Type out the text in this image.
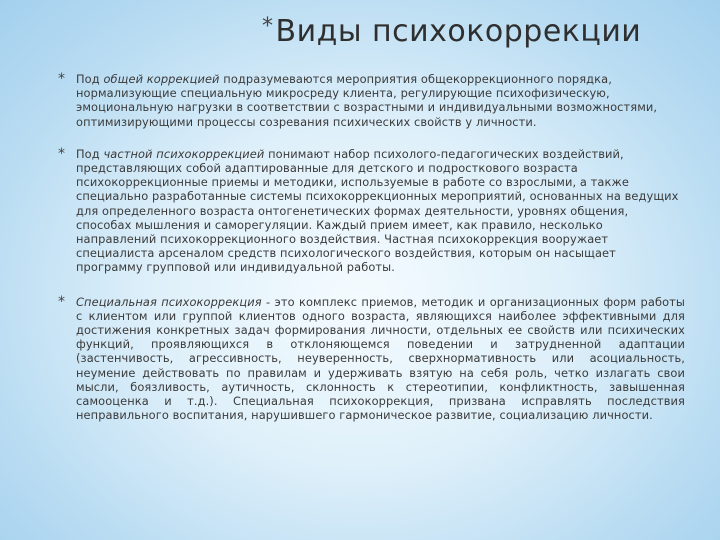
*Виды психокоррекции
* Под общей коррекцией подразумеваются мероприятия общекоррекционного порядка, нормализующие специальную микросреду клиента, регулирующие психофизическую, эмоциональную нагрузки в соответствии с возрастными и индивидуальными возможностями, оптимизирующими процессы созревания психических свойств у личности.
* Под частной психокоррекцией понимают набор психолого-педагогических воздействий, представляющих собой адаптированные для детского и подросткового возраста психокоррекционные приемы и методики, используемые в работе со взрослыми, а также специально разработанные системы психокоррекционных мероприятий, основанных на ведущих для определенного возраста онтогенетических формах деятельности, уровнях общения, способах мышления и саморегуляции. Каждый прием имеет, как правило, несколько направлений психокоррекционного воздействия. Частная психокоррекция вооружает специалиста арсеналом средств психологического воздействия, которым он насыщает программу групповой или индивидуальной работы.
* Специальная психокоррекция - это комплекс приемов, методик и организационных форм работы с клиентом или группой клиентов одного возраста, являющихся наиболее эффективными для достижения конкретных задач формирования личности, отдельных ее свойств или психических функций, проявляющихся в отклоняющемся поведении и затрудненной адаптации (застенчивость, агрессивность, неуверенность, сверхнормативность или асоциальность, неумение действовать по правилам и удерживать взятую на себя роль, четко излагать свои мысли, боязливость, аутичность, склонность к стереотипии, конфликтность, завышенная самооценка и т.д.). Специальная психокоррекция, призвана исправлять последствия неправильного воспитания, нарушившего гармоническое развитие, социализацию личности.
